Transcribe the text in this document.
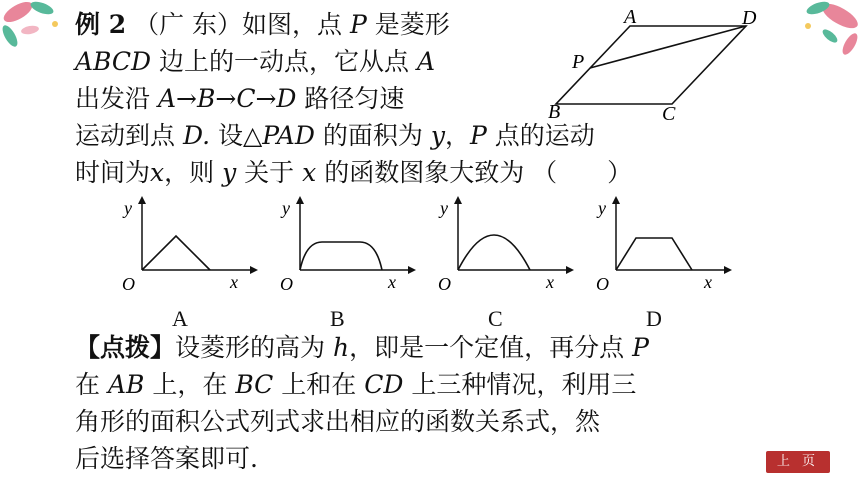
例 2 （广 东）如图，点 P 是菱形
ABCD 边上的一动点，它从点 A
出发沿 A→B→C→D 路径匀速
运动到点 D. 设△PAD 的面积为 y，P 点的运动
时间为x，则 y 关于 x 的函数图象大致为 （　　）
A	D
P
B	C
y
x
O
y
x
O
y
x
O
y
x
O
A	B	C	D
【点拨】设菱形的高为 h，即是一个定值，再分点 P
在 AB 上，在 BC 上和在 CD 上三种情况，利用三
角形的面积公式列式求出相应的函数关系式，然
后选择答案即可.	上 页
